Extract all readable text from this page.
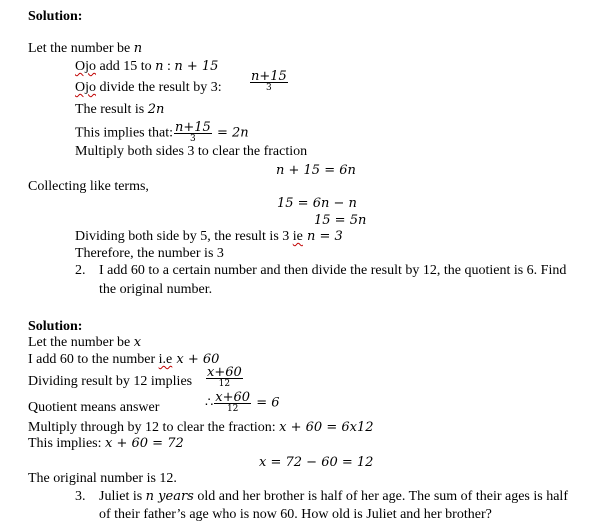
Solution:
Let the number be n
Ojo add 15 to n : n + 15
Ojo divide the result by 3: $\frac{n+15}{3}$
The result is 2n
This implies that: $\frac{n+15}{3} = 2n$
Multiply both sides 3 to clear the fraction
n + 15 = 6n
Collecting like terms,
15 = 6n − n
15 = 5n
Dividing both side by 5, the result is 3 ie n = 3
Therefore, the number is 3
2. I add 60 to a certain number and then divide the result by 12, the quotient is 6. Find
the original number.
Solution:
Let the number be x
I add 60 to the number i.e x + 60
Dividing result by 12 implies $\frac{x+60}{12}$
Quotient means answer	∴ $\frac{x+60}{12} = 6$
Multiply through by 12 to clear the fraction: x + 60 = 6x12
This implies: x + 60 = 72
x = 72 − 60 = 12
The original number is 12.
3. Juliet is n years old and her brother is half of her age. The sum of their ages is half
of their father’s age who is now 60. How old is Juliet and her brother?
